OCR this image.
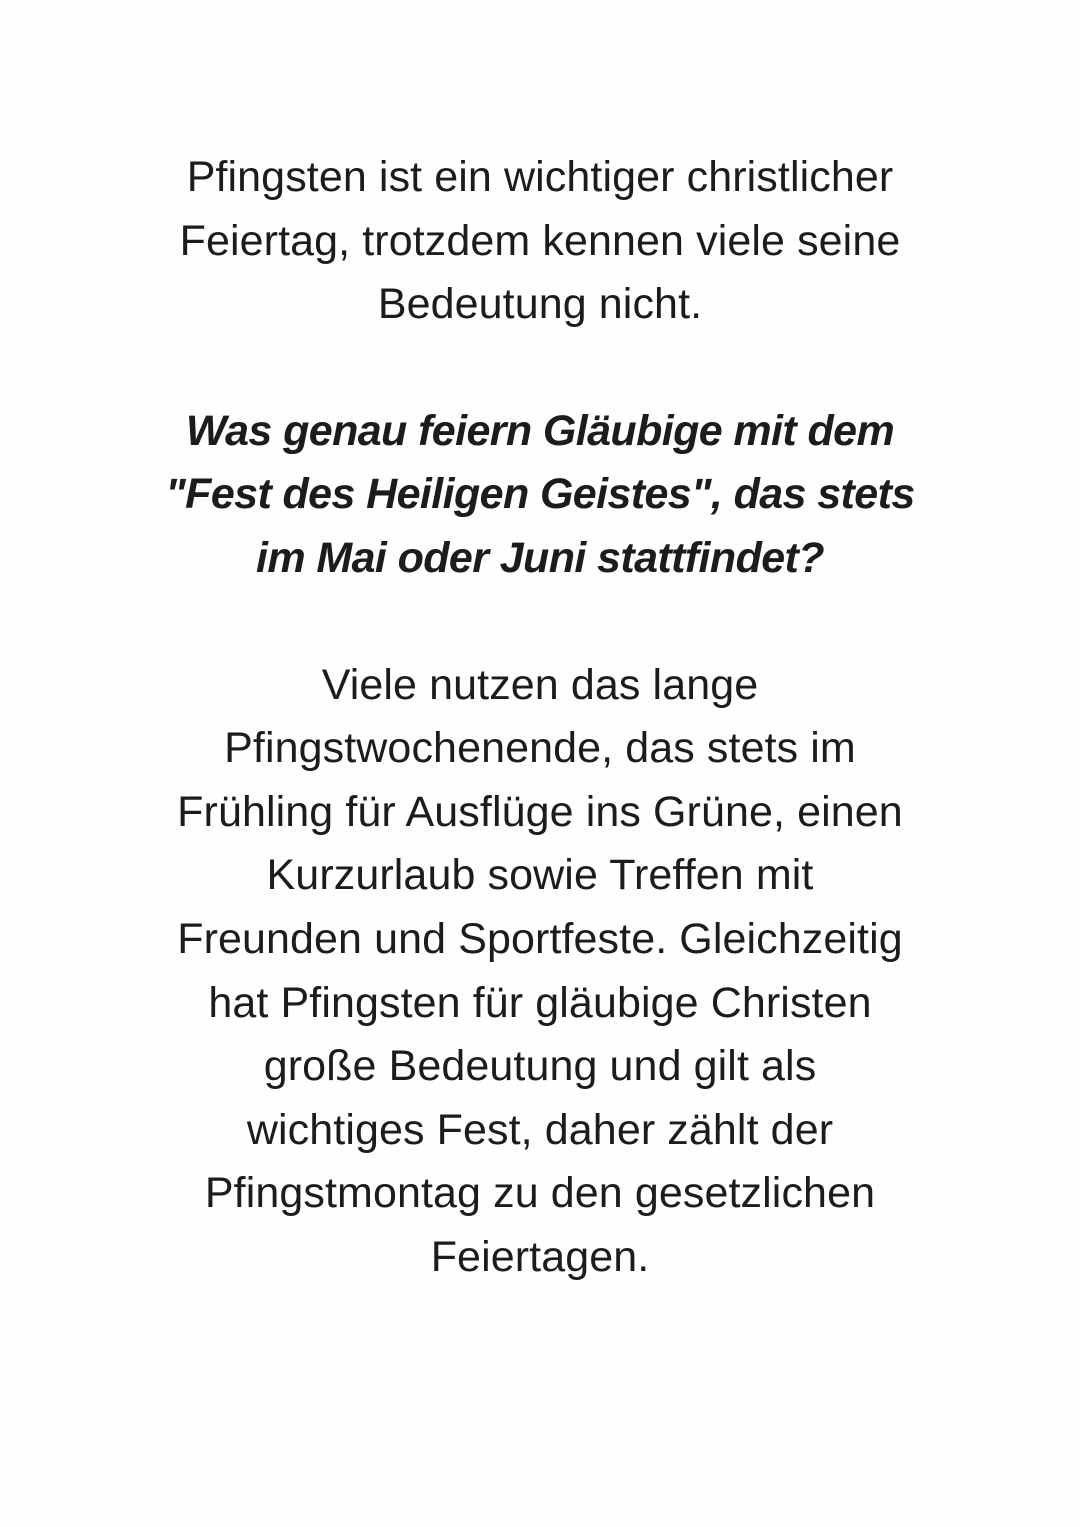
Pfingsten ist ein wichtiger christlicher
Feiertag, trotzdem kennen viele seine
Bedeutung nicht.

Was genau feiern Gläubige mit dem
"Fest des Heiligen Geistes", das stets
im Mai oder Juni stattfindet?

Viele nutzen das lange
Pfingstwochenende, das stets im
Frühling für Ausflüge ins Grüne, einen
Kurzurlaub sowie Treffen mit
Freunden und Sportfeste. Gleichzeitig
hat Pfingsten für gläubige Christen
große Bedeutung und gilt als
wichtiges Fest, daher zählt der
Pfingstmontag zu den gesetzlichen
Feiertagen.
